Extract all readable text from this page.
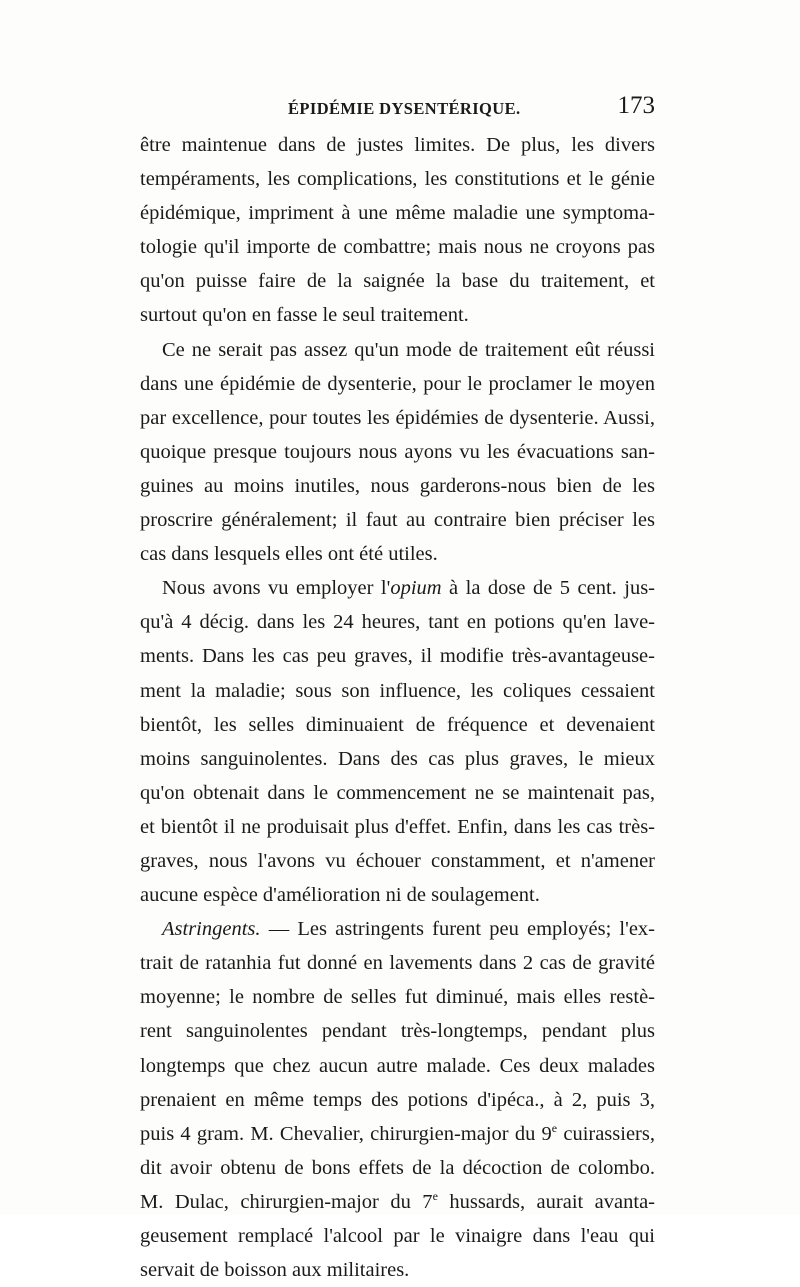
ÉPIDÉMIE DYSENTÉRIQUE.	173
être maintenue dans de justes limites. De plus, les divers
tempéraments, les complications, les constitutions et le génie
épidémique, impriment à une même maladie une symptoma-
tologie qu'il importe de combattre; mais nous ne croyons pas
qu'on puisse faire de la saignée la base du traitement, et
surtout qu'on en fasse le seul traitement.
Ce ne serait pas assez qu'un mode de traitement eût réussi
dans une épidémie de dysenterie, pour le proclamer le moyen
par excellence, pour toutes les épidémies de dysenterie. Aussi,
quoique presque toujours nous ayons vu les évacuations san-
guines au moins inutiles, nous garderons-nous bien de les
proscrire généralement; il faut au contraire bien préciser les
cas dans lesquels elles ont été utiles.
Nous avons vu employer l'opium à la dose de 5 cent. jus-
qu'à 4 décig. dans les 24 heures, tant en potions qu'en lave-
ments. Dans les cas peu graves, il modifie très-avantageuse-
ment la maladie; sous son influence, les coliques cessaient
bientôt, les selles diminuaient de fréquence et devenaient
moins sanguinolentes. Dans des cas plus graves, le mieux
qu'on obtenait dans le commencement ne se maintenait pas,
et bientôt il ne produisait plus d'effet. Enfin, dans les cas très-
graves, nous l'avons vu échouer constamment, et n'amener
aucune espèce d'amélioration ni de soulagement.
Astringents. — Les astringents furent peu employés; l'ex-
trait de ratanhia fut donné en lavements dans 2 cas de gravité
moyenne; le nombre de selles fut diminué, mais elles restè-
rent sanguinolentes pendant très-longtemps, pendant plus
longtemps que chez aucun autre malade. Ces deux malades
prenaient en même temps des potions d'ipéca., à 2, puis 3,
puis 4 gram. M. Chevalier, chirurgien-major du 9e cuirassiers,
dit avoir obtenu de bons effets de la décoction de colombo.
M. Dulac, chirurgien-major du 7e hussards, aurait avanta-
geusement remplacé l'alcool par le vinaigre dans l'eau qui
servait de boisson aux militaires.
